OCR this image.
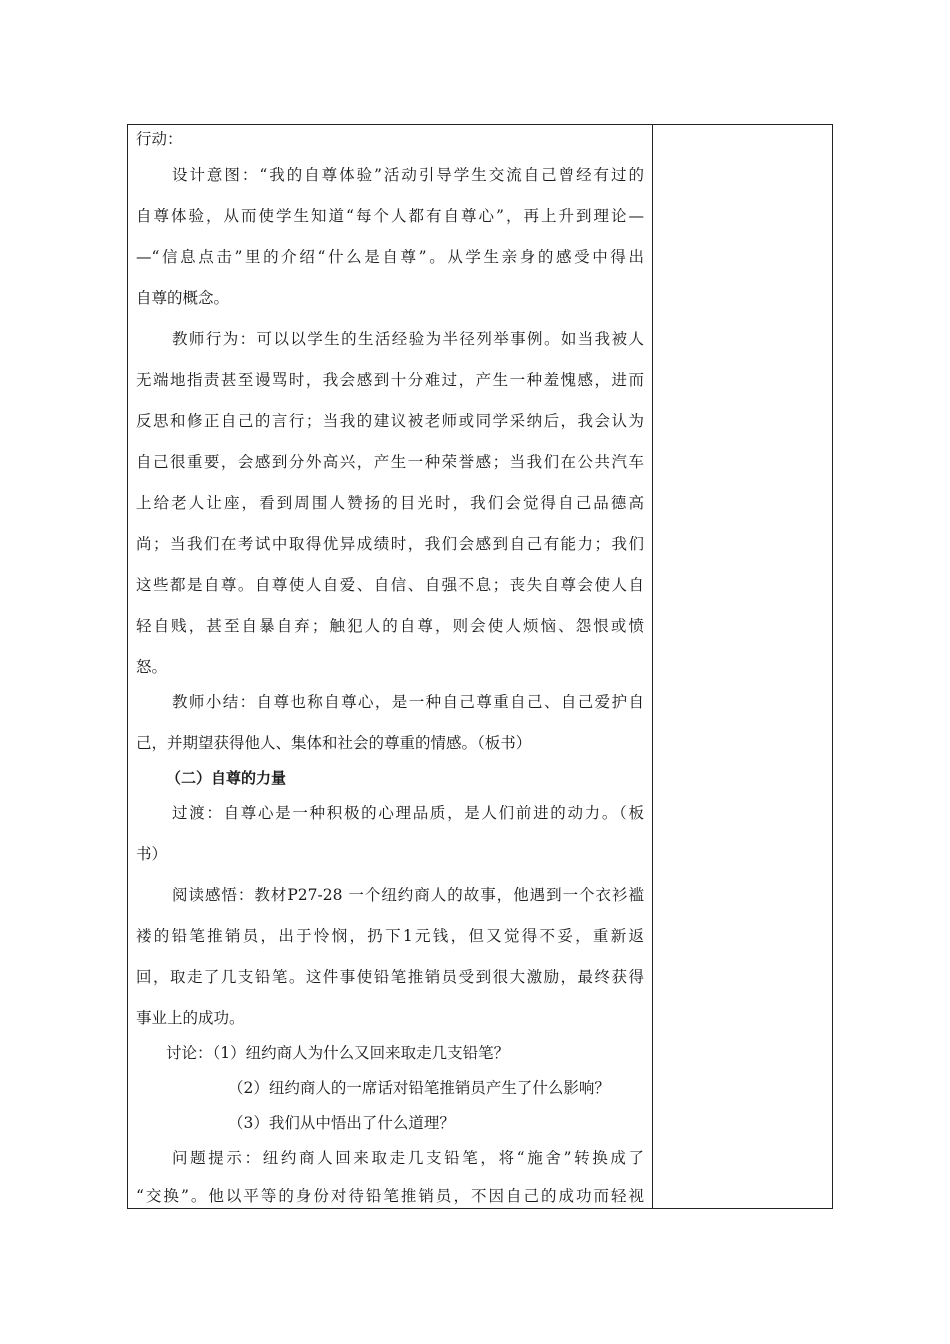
行动：
设计意图：“我的自尊体验”活动引导学生交流自己曾经有过的
自尊体验，从而使学生知道“每个人都有自尊心”，再上升到理论—
—“信息点击”里的介绍“什么是自尊”。从学生亲身的感受中得出
自尊的概念。
教师行为：可以以学生的生活经验为半径列举事例。如当我被人
无端地指责甚至谩骂时，我会感到十分难过，产生一种羞愧感，进而
反思和修正自己的言行；当我的建议被老师或同学采纳后，我会认为
自己很重要，会感到分外高兴，产生一种荣誉感；当我们在公共汽车
上给老人让座，看到周围人赞扬的目光时，我们会觉得自己品德高
尚；当我们在考试中取得优异成绩时，我们会感到自己有能力；我们
这些都是自尊。自尊使人自爱、自信、自强不息；丧失自尊会使人自
轻自贱，甚至自暴自弃；触犯人的自尊，则会使人烦恼、怨恨或愤
怒。
教师小结：自尊也称自尊心，是一种自己尊重自己、自己爱护自
己，并期望获得他人、集体和社会的尊重的情感。（板书）
（二）自尊的力量
过渡：自尊心是一种积极的心理品质，是人们前进的动力。（板
书）
阅读感悟：教材P27-28 一个纽约商人的故事，他遇到一个衣衫褴
褛的铅笔推销员，出于怜悯，扔下1元钱，但又觉得不妥，重新返
回，取走了几支铅笔。这件事使铅笔推销员受到很大激励，最终获得
事业上的成功。
讨论：（1）纽约商人为什么又回来取走几支铅笔？
（2）纽约商人的一席话对铅笔推销员产生了什么影响？
（3）我们从中悟出了什么道理？
问题提示：纽约商人回来取走几支铅笔，将“施舍”转换成了
“交换”。他以平等的身份对待铅笔推销员，不因自己的成功而轻视
